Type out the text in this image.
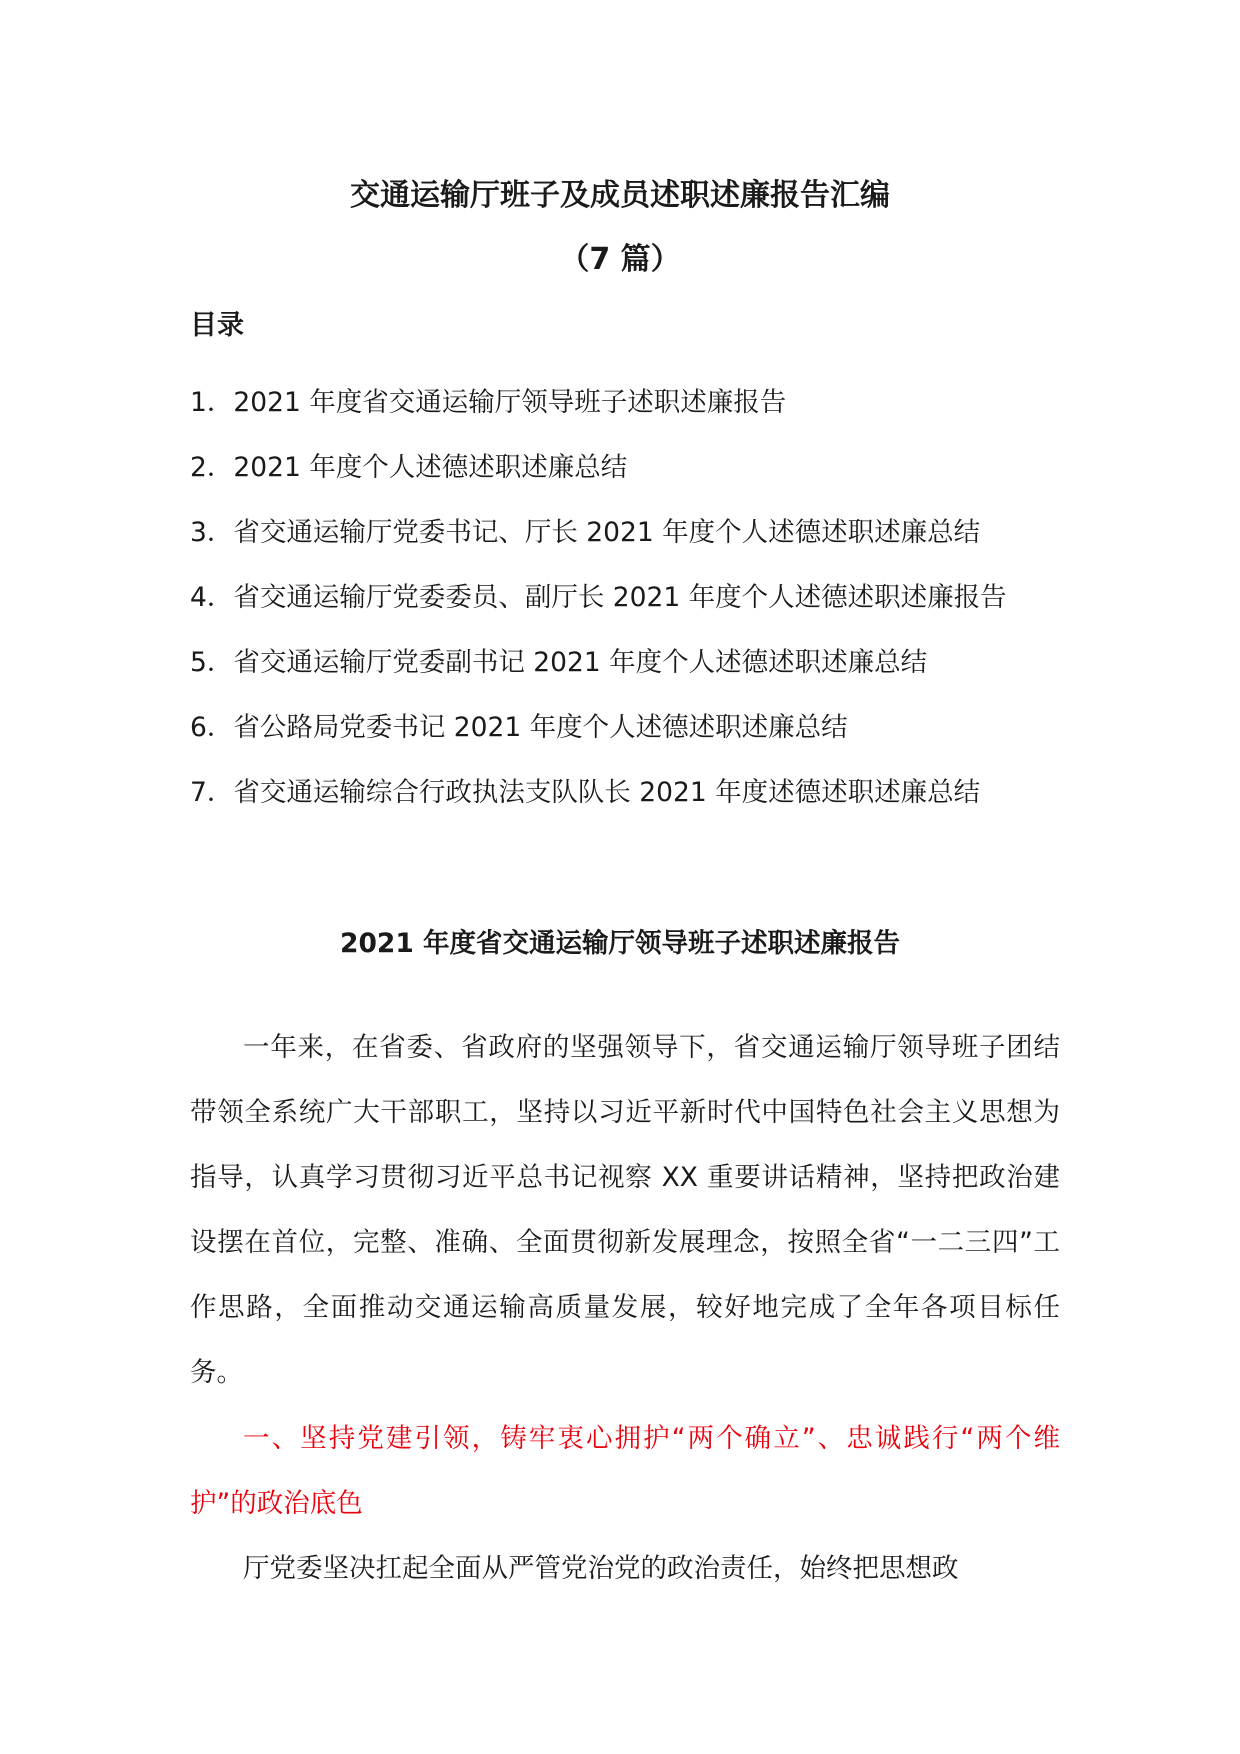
交通运输厅班子及成员述职述廉报告汇编
（7 篇）
目录
1．2021 年度省交通运输厅领导班子述职述廉报告
2．2021 年度个人述德述职述廉总结
3．省交通运输厅党委书记、厅长 2021 年度个人述德述职述廉总结
4．省交通运输厅党委委员、副厅长 2021 年度个人述德述职述廉报告
5．省交通运输厅党委副书记 2021 年度个人述德述职述廉总结
6．省公路局党委书记 2021 年度个人述德述职述廉总结
7．省交通运输综合行政执法支队队长 2021 年度述德述职述廉总结
2021 年度省交通运输厅领导班子述职述廉报告

一年来，在省委、省政府的坚强领导下，省交通运输厅领导班子团结带领全系统广大干部职工，坚持以习近平新时代中国特色社会主义思想为指导，认真学习贯彻习近平总书记视察 XX 重要讲话精神，坚持把政治建设摆在首位，完整、准确、全面贯彻新发展理念，按照全省“一二三四”工作思路，全面推动交通运输高质量发展，较好地完成了全年各项目标任务。

一、坚持党建引领，铸牢衷心拥护“两个确立”、忠诚践行“两个维护”的政治底色

厅党委坚决扛起全面从严管党治党的政治责任，始终把思想政
